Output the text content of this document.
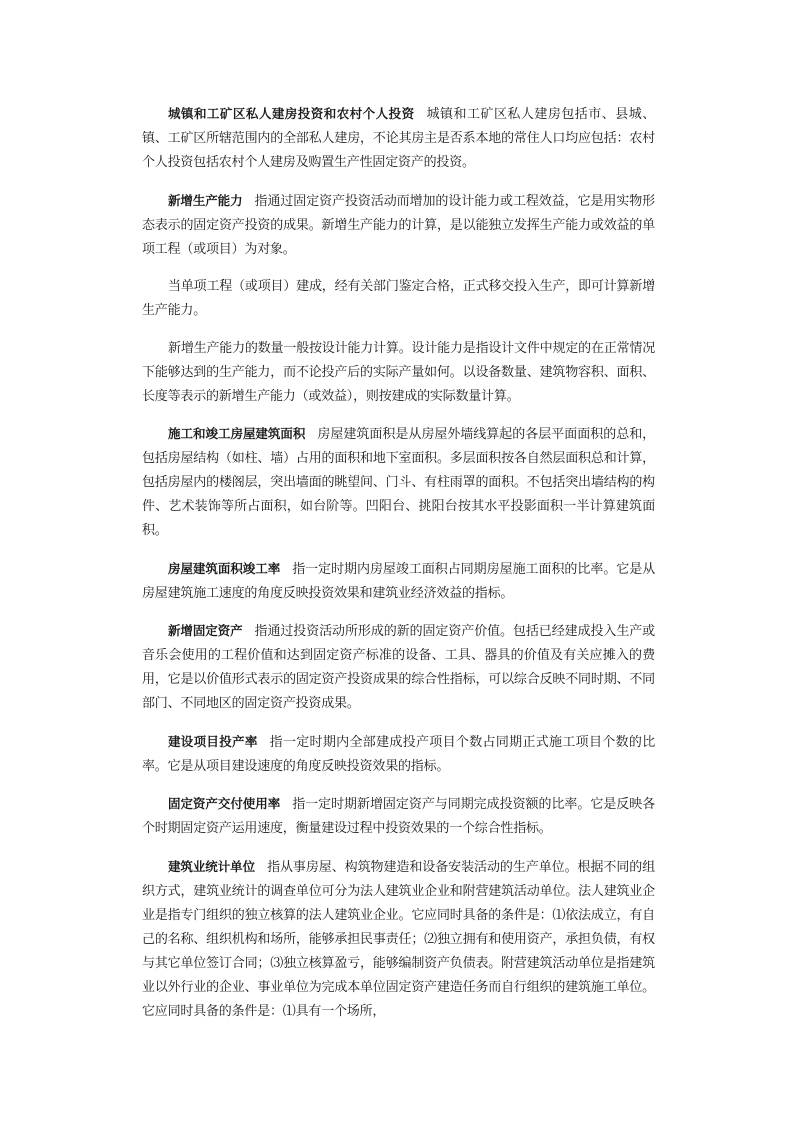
城镇和工矿区私人建房投资和农村个人投资 城镇和工矿区私人建房包括市、县城、镇、工矿区所辖范围内的全部私人建房，不论其房主是否系本地的常住人口均应包括：农村个人投资包括农村个人建房及购置生产性固定资产的投资。

新增生产能力 指通过固定资产投资活动而增加的设计能力或工程效益，它是用实物形态表示的固定资产投资的成果。新增生产能力的计算，是以能独立发挥生产能力或效益的单项工程（或项目）为对象。

当单项工程（或项目）建成，经有关部门鉴定合格，正式移交投入生产，即可计算新增生产能力。

新增生产能力的数量一般按设计能力计算。设计能力是指设计文件中规定的在正常情况下能够达到的生产能力，而不论投产后的实际产量如何。以设备数量、建筑物容积、面积、长度等表示的新增生产能力（或效益），则按建成的实际数量计算。

施工和竣工房屋建筑面积 房屋建筑面积是从房屋外墙线算起的各层平面面积的总和，包括房屋结构（如柱、墙）占用的面积和地下室面积。多层面积按各自然层面积总和计算，包括房屋内的楼阁层，突出墙面的眺望间、门斗、有柱雨罩的面积。不包括突出墙结构的构件、艺术装饰等所占面积，如台阶等。凹阳台、挑阳台按其水平投影面积一半计算建筑面积。

房屋建筑面积竣工率 指一定时期内房屋竣工面积占同期房屋施工面积的比率。它是从房屋建筑施工速度的角度反映投资效果和建筑业经济效益的指标。

新增固定资产 指通过投资活动所形成的新的固定资产价值。包括已经建成投入生产或音乐会使用的工程价值和达到固定资产标准的设备、工具、器具的价值及有关应摊入的费用，它是以价值形式表示的固定资产投资成果的综合性指标，可以综合反映不同时期、不同部门、不同地区的固定资产投资成果。

建设项目投产率 指一定时期内全部建成投产项目个数占同期正式施工项目个数的比率。它是从项目建设速度的角度反映投资效果的指标。

固定资产交付使用率 指一定时期新增固定资产与同期完成投资额的比率。它是反映各个时期固定资产运用速度，衡量建设过程中投资效果的一个综合性指标。

建筑业统计单位 指从事房屋、构筑物建造和设备安装活动的生产单位。根据不同的组织方式，建筑业统计的调查单位可分为法人建筑业企业和附营建筑活动单位。法人建筑业企业是指专门组织的独立核算的法人建筑业企业。它应同时具备的条件是：⑴依法成立，有自己的名称、组织机构和场所，能够承担民事责任；⑵独立拥有和使用资产，承担负债，有权与其它单位签订合同；⑶独立核算盈亏，能够编制资产负债表。附营建筑活动单位是指建筑业以外行业的企业、事业单位为完成本单位固定资产建造任务而自行组织的建筑施工单位。它应同时具备的条件是：⑴具有一个场所，
